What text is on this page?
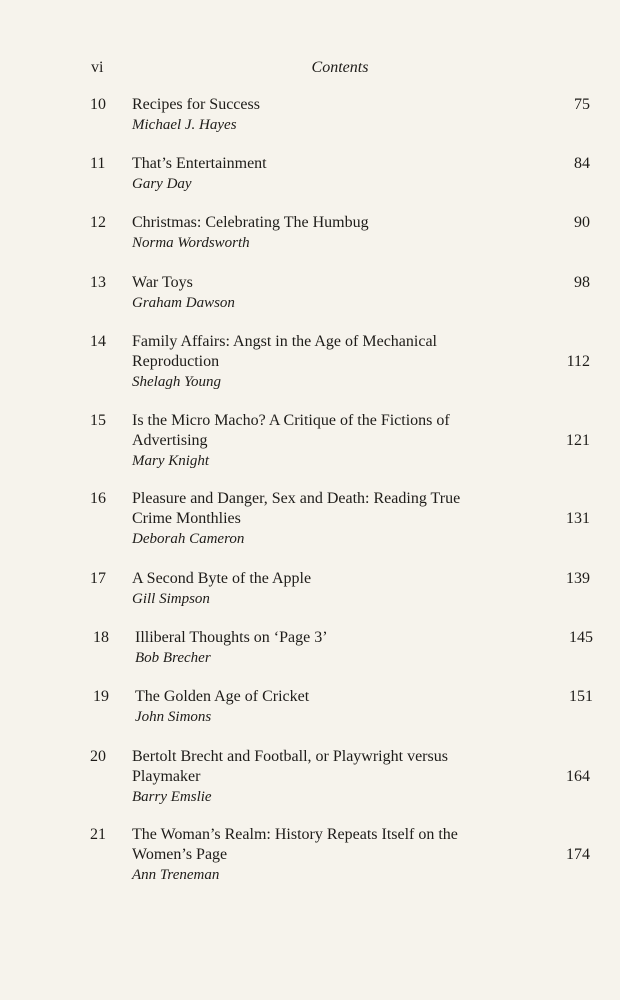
vi	Contents
10 Recipes for Success
Michael J. Hayes
75
11 That’s Entertainment
Gary Day
84
12 Christmas: Celebrating The Humbug
Norma Wordsworth
90
13 War Toys
Graham Dawson
98
14 Family Affairs: Angst in the Age of Mechanical
Reproduction
Shelagh Young
112
15 Is the Micro Macho? A Critique of the Fictions of
Advertising
Mary Knight
121
16 Pleasure and Danger, Sex and Death: Reading True
Crime Monthlies
Deborah Cameron
131
17 A Second Byte of the Apple
Gill Simpson
139
18 Illiberal Thoughts on ‘Page 3’
Bob Brecher
145
19 The Golden Age of Cricket
John Simons
151
20 Bertolt Brecht and Football, or Playwright versus
Playmaker
Barry Emslie
164
21 The Woman’s Realm: History Repeats Itself on the
Women’s Page
Ann Treneman
174
